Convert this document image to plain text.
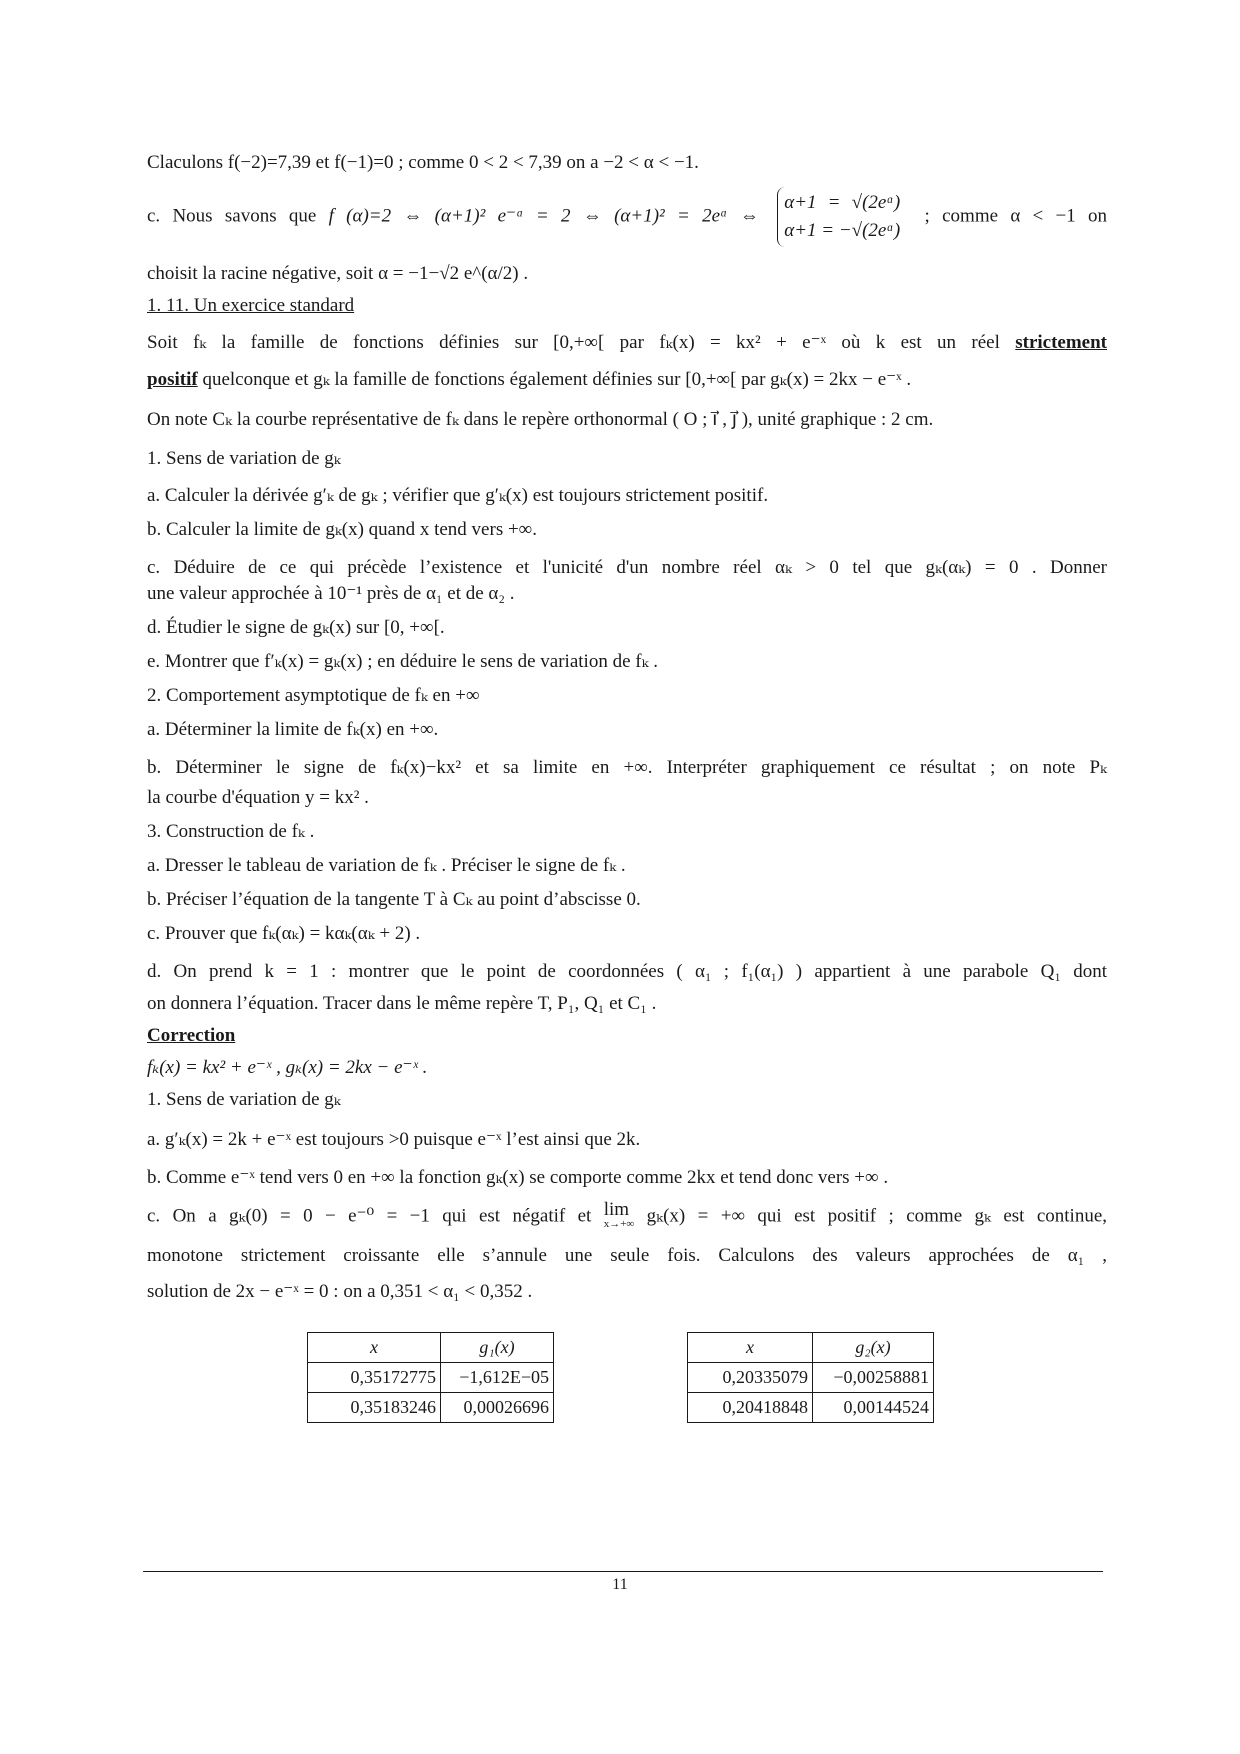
Claculons f(−2)=7,39 et f(−1)=0 ; comme 0 < 2 < 7,39 on a −2 < α < −1.

c. Nous savons que f (α)=2 ⇔ (α+1)² e⁻ᵅ = 2 ⇔ (α+1)² = 2eᵅ ⇔
α+1 = √(2eᵅ)
α+1 = −√(2eᵅ)
; comme α < −1 on

choisit la racine négative, soit α = −1−√2 e^(α/2) .

1. 11. Un exercice standard

Soit fₖ la famille de fonctions définies sur [0,+∞[ par fₖ(x) = kx² + e⁻ˣ où k est un réel strictement

positif quelconque et gₖ la famille de fonctions également définies sur [0,+∞[ par gₖ(x) = 2kx − e⁻ˣ .

On note Cₖ la courbe représentative de fₖ dans le repère orthonormal ( O ; i⃗ , j⃗ ), unité graphique : 2 cm.

1. Sens de variation de gₖ

a. Calculer la dérivée g′ₖ de gₖ ; vérifier que g′ₖ(x) est toujours strictement positif.

b. Calculer la limite de gₖ(x) quand x tend vers +∞.

c. Déduire de ce qui précède l’existence et l'unicité d'un nombre réel αₖ > 0 tel que gₖ(αₖ) = 0 . Donner

une valeur approchée à 10⁻¹ près de α₁ et de α₂ .

d. Étudier le signe de gₖ(x) sur [0, +∞[.

e. Montrer que f′ₖ(x) = gₖ(x) ; en déduire le sens de variation de fₖ .

2. Comportement asymptotique de fₖ en +∞

a. Déterminer la limite de fₖ(x) en +∞.

b. Déterminer le signe de fₖ(x)−kx² et sa limite en +∞. Interpréter graphiquement ce résultat ; on note Pₖ

la courbe d'équation y = kx² .

3. Construction de fₖ .

a. Dresser le tableau de variation de fₖ . Préciser le signe de fₖ .

b. Préciser l’équation de la tangente T à Cₖ au point d’abscisse 0.

c. Prouver que fₖ(αₖ) = kαₖ(αₖ + 2) .

d. On prend k = 1 : montrer que le point de coordonnées ( α₁ ; f₁(α₁) ) appartient à une parabole Q₁ dont

on donnera l’équation. Tracer dans le même repère T, P₁, Q₁ et C₁ .

Correction

fₖ(x) = kx² + e⁻ˣ , gₖ(x) = 2kx − e⁻ˣ .

1. Sens de variation de gₖ

a. g′ₖ(x) = 2k + e⁻ˣ est toujours >0 puisque e⁻ˣ l’est ainsi que 2k.

b. Comme e⁻ˣ tend vers 0 en +∞ la fonction gₖ(x) se comporte comme 2kx et tend donc vers +∞ .

c. On a gₖ(0) = 0 − e⁻⁰ = −1 qui est négatif et lim
x→+∞ gₖ(x) = +∞ qui est positif ; comme gₖ est continue,

monotone strictement croissante elle s’annule une seule fois. Calculons des valeurs approchées de α₁ ,

solution de 2x − e⁻ˣ = 0 : on a 0,351 < α₁ < 0,352 .

x	g₁(x)
0,35172775	−1,612E−05
0,35183246	0,00026696
x	g₂(x)
0,20335079	−0,00258881
0,20418848	0,00144524
11
